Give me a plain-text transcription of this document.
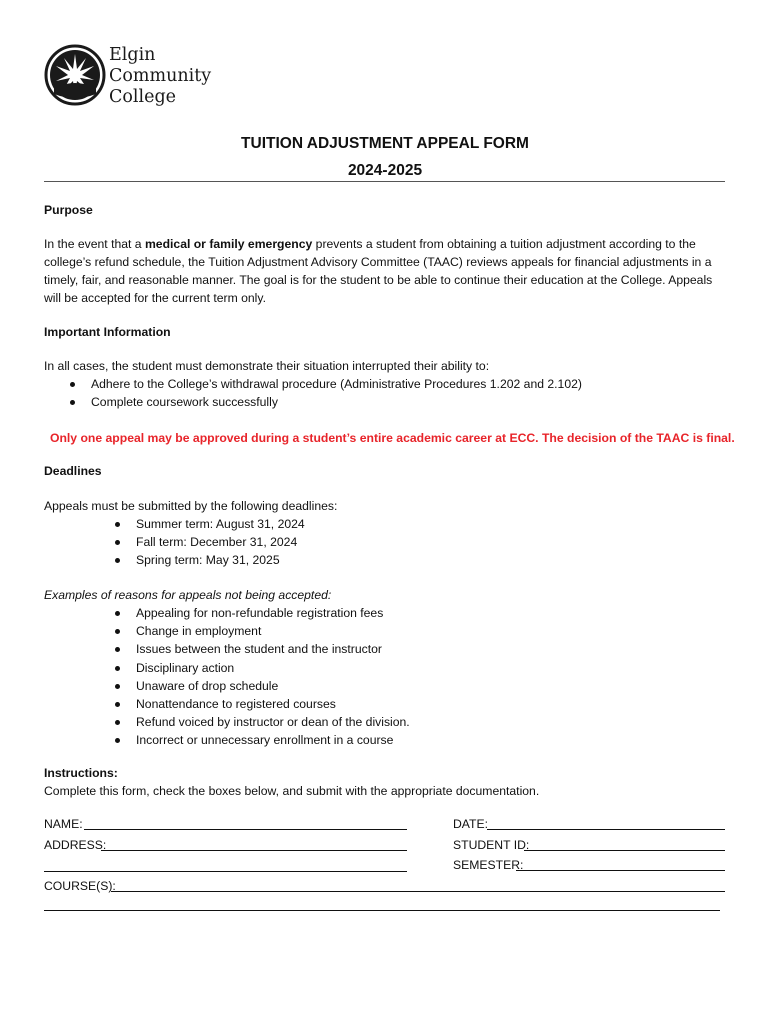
Elgin
Community
College
TUITION ADJUSTMENT APPEAL FORM
2024-2025
Purpose
In the event that a medical or family emergency prevents a student from obtaining a tuition adjustment according to the college’s refund schedule, the Tuition Adjustment Advisory Committee (TAAC) reviews appeals for financial adjustments in a timely, fair, and reasonable manner. The goal is for the student to be able to continue their education at the College. Appeals will be accepted for the current term only.
Important Information
In all cases, the student must demonstrate their situation interrupted their ability to:
Adhere to the College’s withdrawal procedure (Administrative Procedures 1.202 and 2.102)
Complete coursework successfully
Only one appeal may be approved during a student’s entire academic career at ECC. The decision of the TAAC is final.
Deadlines
Appeals must be submitted by the following deadlines:
Summer term: August 31, 2024
Fall term: December 31, 2024
Spring term: May 31, 2025
Examples of reasons for appeals not being accepted:
Appealing for non-refundable registration fees
Change in employment
Issues between the student and the instructor
Disciplinary action
Unaware of drop schedule
Nonattendance to registered courses
Refund voiced by instructor or dean of the division.
Incorrect or unnecessary enrollment in a course
Instructions:
Complete this form, check the boxes below, and submit with the appropriate documentation.
NAME:	DATE:
ADDRESS:	STUDENT ID:
SEMESTER:
COURSE(S):
